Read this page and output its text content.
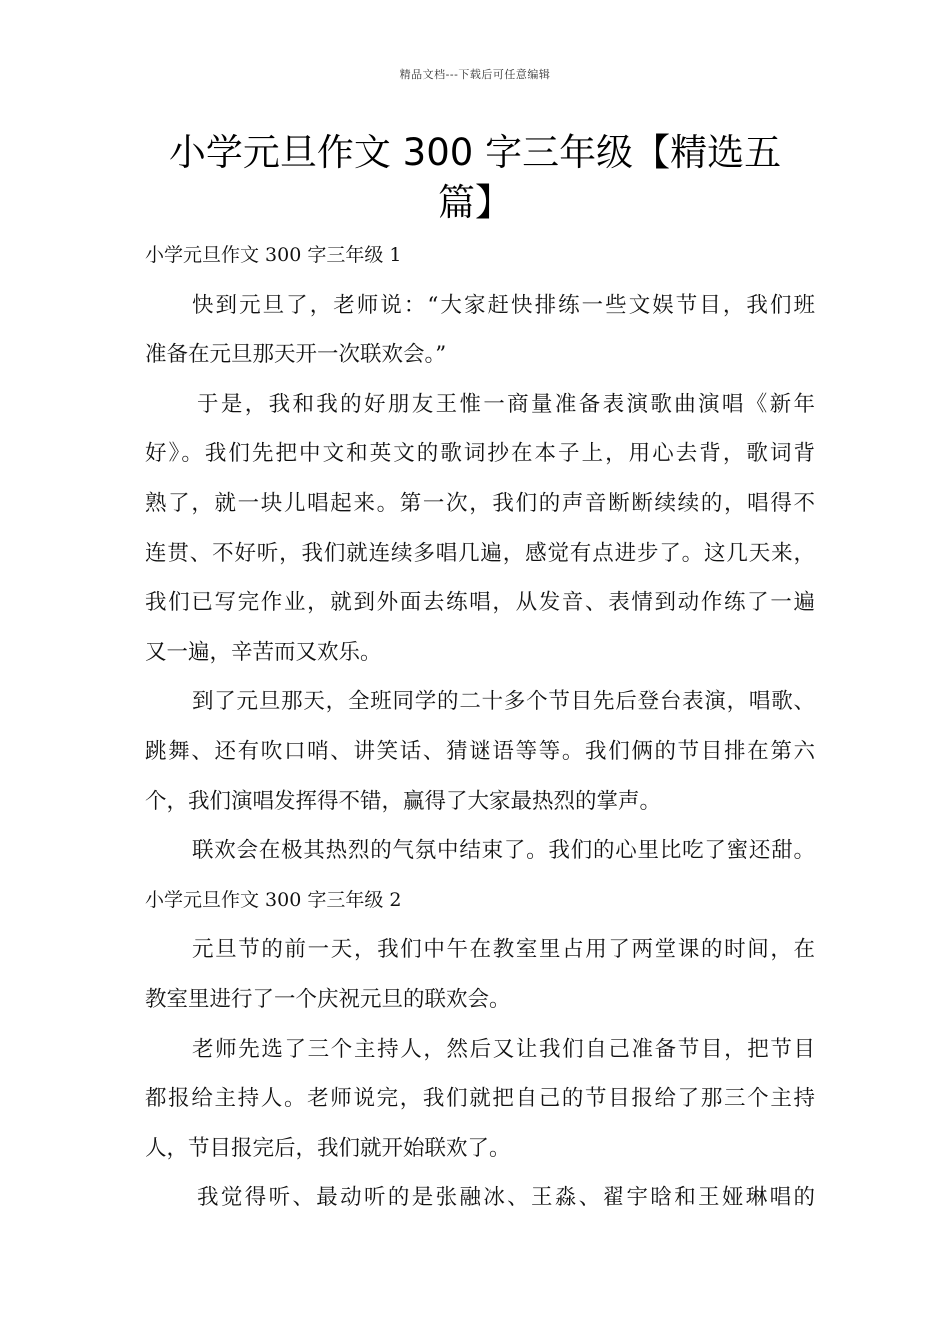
精品文档---下载后可任意编辑
小学元旦作文 300 字三年级【精选五
篇】
小学元旦作文 300 字三年级 1
快到元旦了，老师说：“大家赶快排练一些文娱节目，我们班
准备在元旦那天开一次联欢会。”
于是，我和我的好朋友王惟一商量准备表演歌曲演唱《新年
好》。我们先把中文和英文的歌词抄在本子上，用心去背，歌词背
熟了，就一块儿唱起来。第一次，我们的声音断断续续的，唱得不
连贯、不好听，我们就连续多唱几遍，感觉有点进步了。这几天来，
我们已写完作业，就到外面去练唱，从发音、表情到动作练了一遍
又一遍，辛苦而又欢乐。
到了元旦那天，全班同学的二十多个节目先后登台表演，唱歌、
跳舞、还有吹口哨、讲笑话、猜谜语等等。我们俩的节目排在第六
个，我们演唱发挥得不错，赢得了大家最热烈的掌声。
联欢会在极其热烈的气氛中结束了。我们的心里比吃了蜜还甜。
小学元旦作文 300 字三年级 2
元旦节的前一天，我们中午在教室里占用了两堂课的时间，在
教室里进行了一个庆祝元旦的联欢会。
老师先选了三个主持人，然后又让我们自己准备节目，把节目
都报给主持人。老师说完，我们就把自己的节目报给了那三个主持
人，节目报完后，我们就开始联欢了。
我觉得听、最动听的是张融冰、王淼、翟宇晗和王娅琳唱的
